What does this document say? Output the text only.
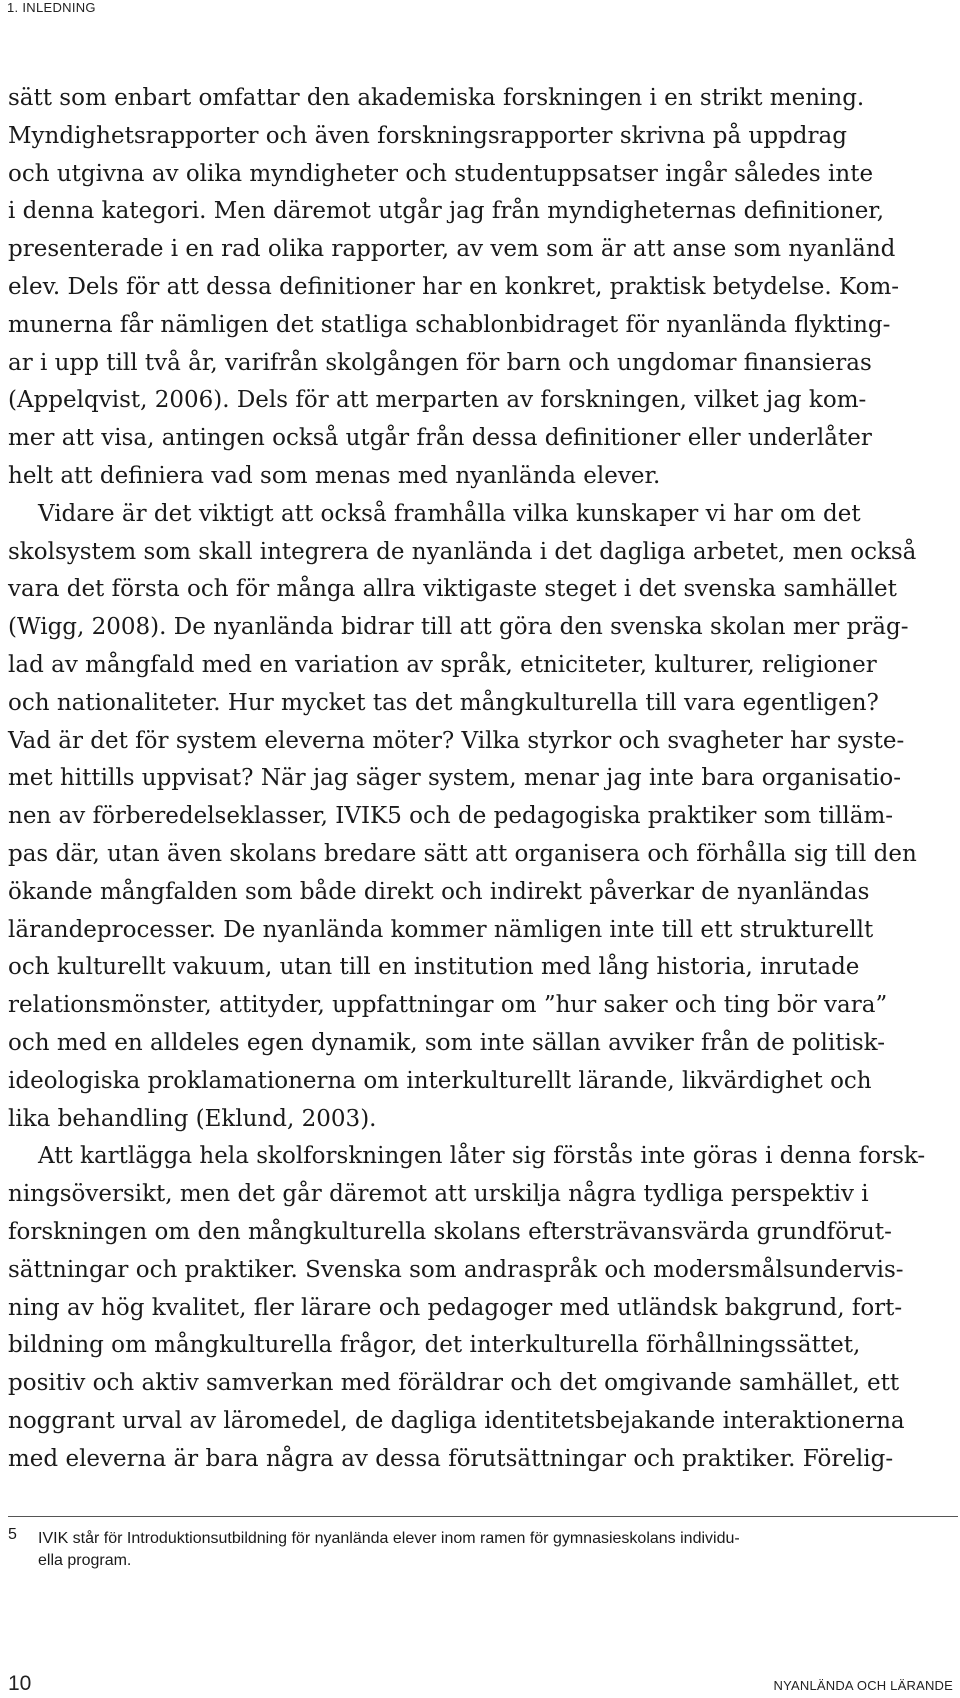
1. INLEDNING
sätt som enbart omfattar den akademiska forskningen i en strikt mening.
Myndighetsrapporter och även forskningsrapporter skrivna på uppdrag
och utgivna av olika myndigheter och studentuppsatser ingår således inte
i denna kategori. Men däremot utgår jag från myndigheternas definitioner,
presenterade i en rad olika rapporter, av vem som är att anse som nyanländ
elev. Dels för att dessa definitioner har en konkret, praktisk betydelse. Kom-
munerna får nämligen det statliga schablonbidraget för nyanlända flykting-
ar i upp till två år, varifrån skolgången för barn och ungdomar finansieras
(Appelqvist, 2006). Dels för att merparten av forskningen, vilket jag kom-
mer att visa, antingen också utgår från dessa definitioner eller underlåter
helt att definiera vad som menas med nyanlända elever.
Vidare är det viktigt att också framhålla vilka kunskaper vi har om det
skolsystem som skall integrera de nyanlända i det dagliga arbetet, men också
vara det första och för många allra viktigaste steget i det svenska samhället
(Wigg, 2008). De nyanlända bidrar till att göra den svenska skolan mer präg-
lad av mångfald med en variation av språk, etniciteter, kulturer, religioner
och nationaliteter. Hur mycket tas det mångkulturella till vara egentligen?
Vad är det för system eleverna möter? Vilka styrkor och svagheter har syste-
met hittills uppvisat? När jag säger system, menar jag inte bara organisatio-
nen av förberedelseklasser, IVIK5 och de pedagogiska praktiker som tilläm-
pas där, utan även skolans bredare sätt att organisera och förhålla sig till den
ökande mångfalden som både direkt och indirekt påverkar de nyanländas
lärandeprocesser. De nyanlända kommer nämligen inte till ett strukturellt
och kulturellt vakuum, utan till en institution med lång historia, inrutade
relationsmönster, attityder, uppfattningar om ”hur saker och ting bör vara”
och med en alldeles egen dynamik, som inte sällan avviker från de politisk-
ideologiska proklamationerna om interkulturellt lärande, likvärdighet och
lika behandling (Eklund, 2003).
Att kartlägga hela skolforskningen låter sig förstås inte göras i denna forsk-
ningsöversikt, men det går däremot att urskilja några tydliga perspektiv i
forskningen om den mångkulturella skolans eftersträvansvärda grundförut-
sättningar och praktiker. Svenska som andraspråk och modersmålsundervis-
ning av hög kvalitet, fler lärare och pedagoger med utländsk bakgrund, fort-
bildning om mångkulturella frågor, det interkulturella förhållningssättet,
positiv och aktiv samverkan med föräldrar och det omgivande samhället, ett
noggrant urval av läromedel, de dagliga identitetsbejakande interaktionerna
med eleverna är bara några av dessa förutsättningar och praktiker. Förelig-
5	IVIK står för Introduktionsutbildning för nyanlända elever inom ramen för gymnasieskolans individu-
ella program.
10	NYANLÄNDA OCH LÄRANDE
